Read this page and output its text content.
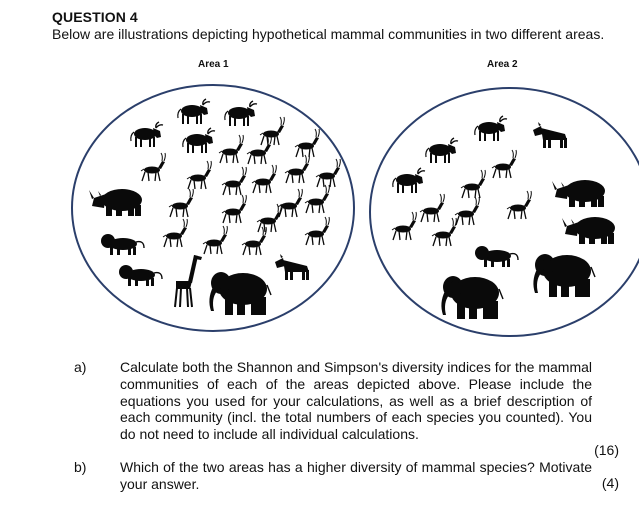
QUESTION 4
Below are illustrations depicting hypothetical mammal communities in two different areas.
Area 1	Area 2
a) Calculate both the Shannon and Simpson's diversity indices for the mammal communities of each of the areas depicted above. Please include the equations you used for your calculations, as well as a brief description of each community (incl. the total numbers of each species you counted). You do not need to include all individual calculations.
(16)
b) Which of the two areas has a higher diversity of mammal species? Motivate your answer.	(4)
